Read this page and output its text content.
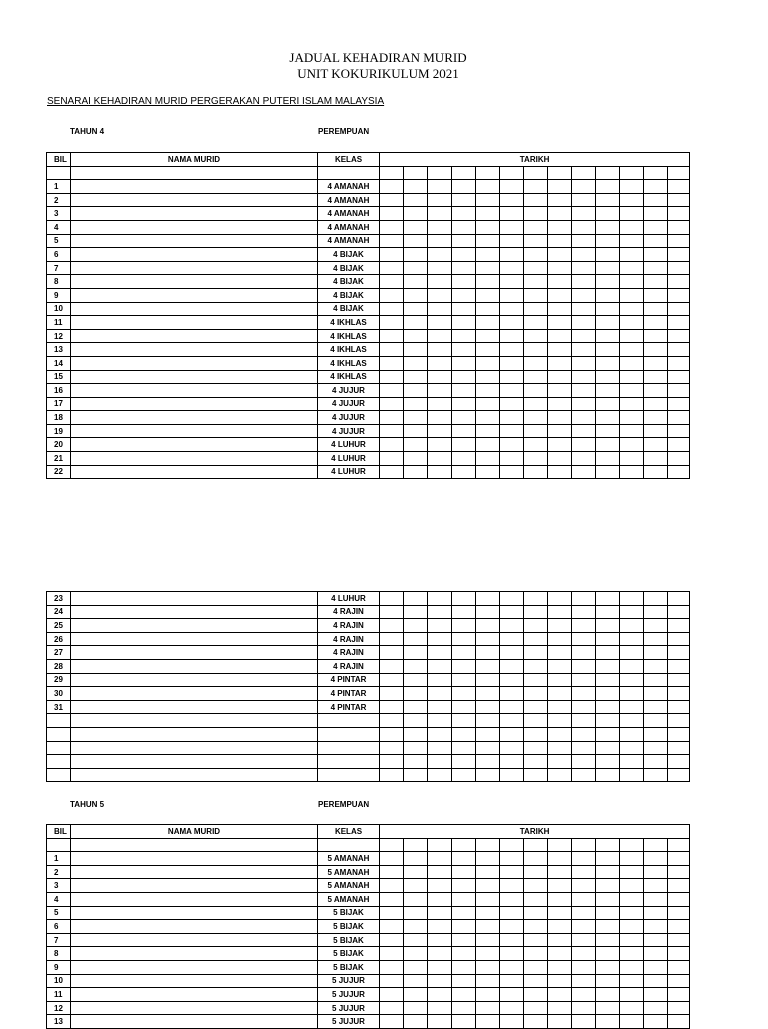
JADUAL KEHADIRAN MURID
UNIT KOKURIKULUM 2021
SENARAI KEHADIRAN MURID PERGERAKAN PUTERI ISLAM MALAYSIA
TAHUN 4	PEREMPUAN
BIL	NAMA MURID	KELAS	TARIKH												

1		4 AMANAH													
2		4 AMANAH													
3		4 AMANAH													
4		4 AMANAH													
5		4 AMANAH													
6		4 BIJAK													
7		4 BIJAK													
8		4 BIJAK													
9		4 BIJAK													
10		4 BIJAK													
11		4 IKHLAS													
12		4 IKHLAS													
13		4 IKHLAS													
14		4 IKHLAS													
15		4 IKHLAS													
16		4 JUJUR													
17		4 JUJUR													
18		4 JUJUR													
19		4 JUJUR													
20		4 LUHUR													
21		4 LUHUR													
22		4 LUHUR													
23		4 LUHUR													
24		4 RAJIN													
25		4 RAJIN													
26		4 RAJIN													
27		4 RAJIN													
28		4 RAJIN													
29		4 PINTAR													
30		4 PINTAR													
31		4 PINTAR													

TAHUN 5	PEREMPUAN
BIL	NAMA MURID	KELAS	TARIKH												

1		5 AMANAH													
2		5 AMANAH													
3		5 AMANAH													
4		5 AMANAH													
5		5 BIJAK													
6		5 BIJAK													
7		5 BIJAK													
8		5 BIJAK													
9		5 BIJAK													
10		5 JUJUR													
11		5 JUJUR													
12		5 JUJUR													
13		5 JUJUR													
